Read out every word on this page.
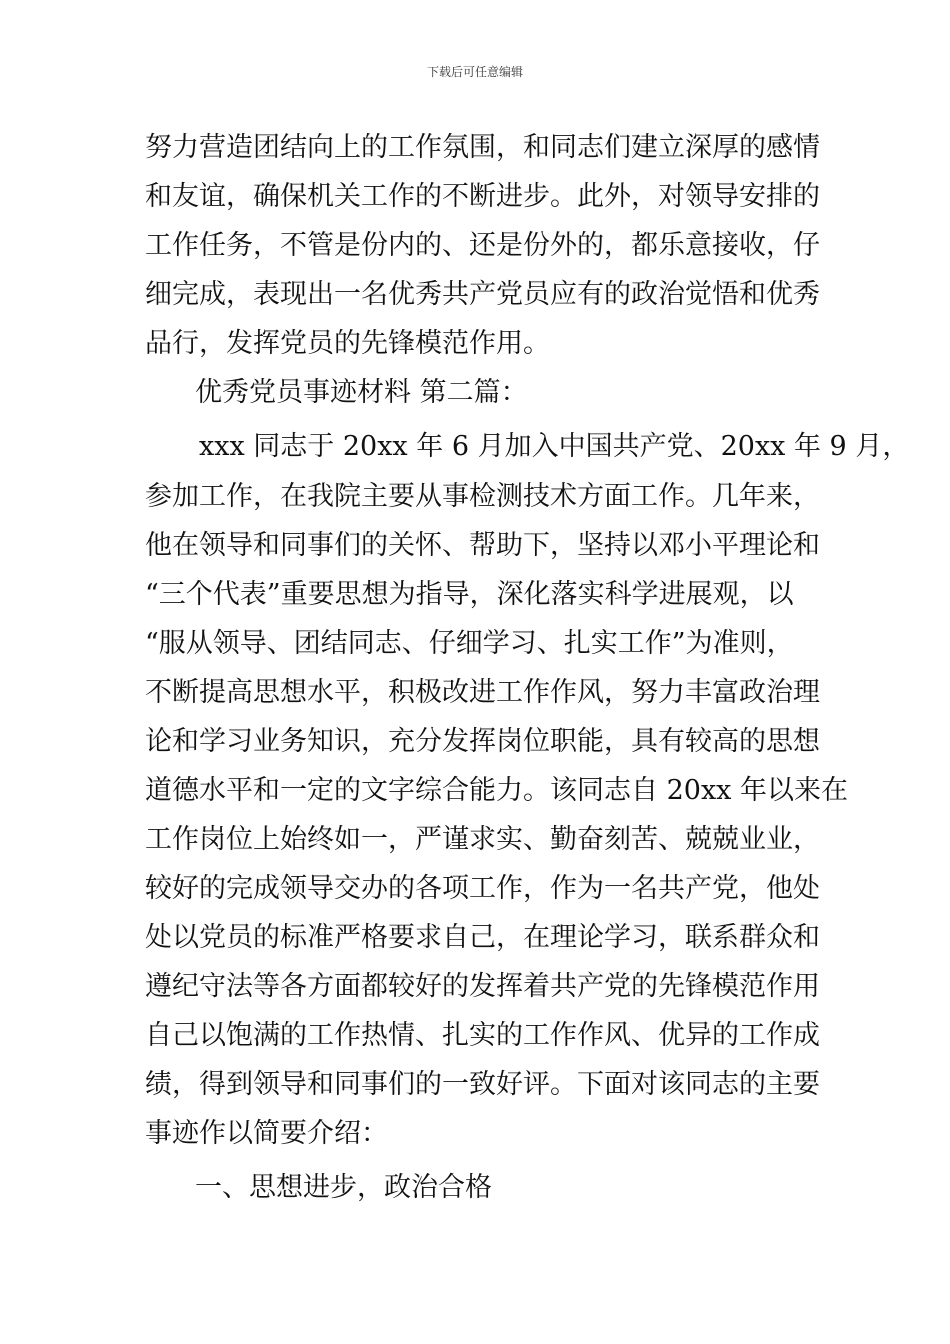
下载后可任意编辑
努力营造团结向上的工作氛围，和同志们建立深厚的感情
和友谊，确保机关工作的不断进步。此外，对领导安排的
工作任务，不管是份内的、还是份外的，都乐意接收，仔
细完成，表现出一名优秀共产党员应有的政治觉悟和优秀
品行，发挥党员的先锋模范作用。
优秀党员事迹材料 第二篇：
xxx 同志于 20xx 年 6 月加入中国共产党、20xx 年 9 月，
参加工作，在我院主要从事检测技术方面工作。几年来，
他在领导和同事们的关怀、帮助下，坚持以邓小平理论和
“三个代表”重要思想为指导，深化落实科学进展观，以
“服从领导、团结同志、仔细学习、扎实工作”为准则，
不断提高思想水平，积极改进工作作风，努力丰富政治理
论和学习业务知识，充分发挥岗位职能，具有较高的思想
道德水平和一定的文字综合能力。该同志自 20xx 年以来在
工作岗位上始终如一，严谨求实、勤奋刻苦、兢兢业业，
较好的完成领导交办的各项工作，作为一名共产党，他处
处以党员的标准严格要求自己，在理论学习，联系群众和
遵纪守法等各方面都较好的发挥着共产党的先锋模范作用
自己以饱满的工作热情、扎实的工作作风、优异的工作成
绩，得到领导和同事们的一致好评。下面对该同志的主要
事迹作以简要介绍：
一、思想进步，政治合格
